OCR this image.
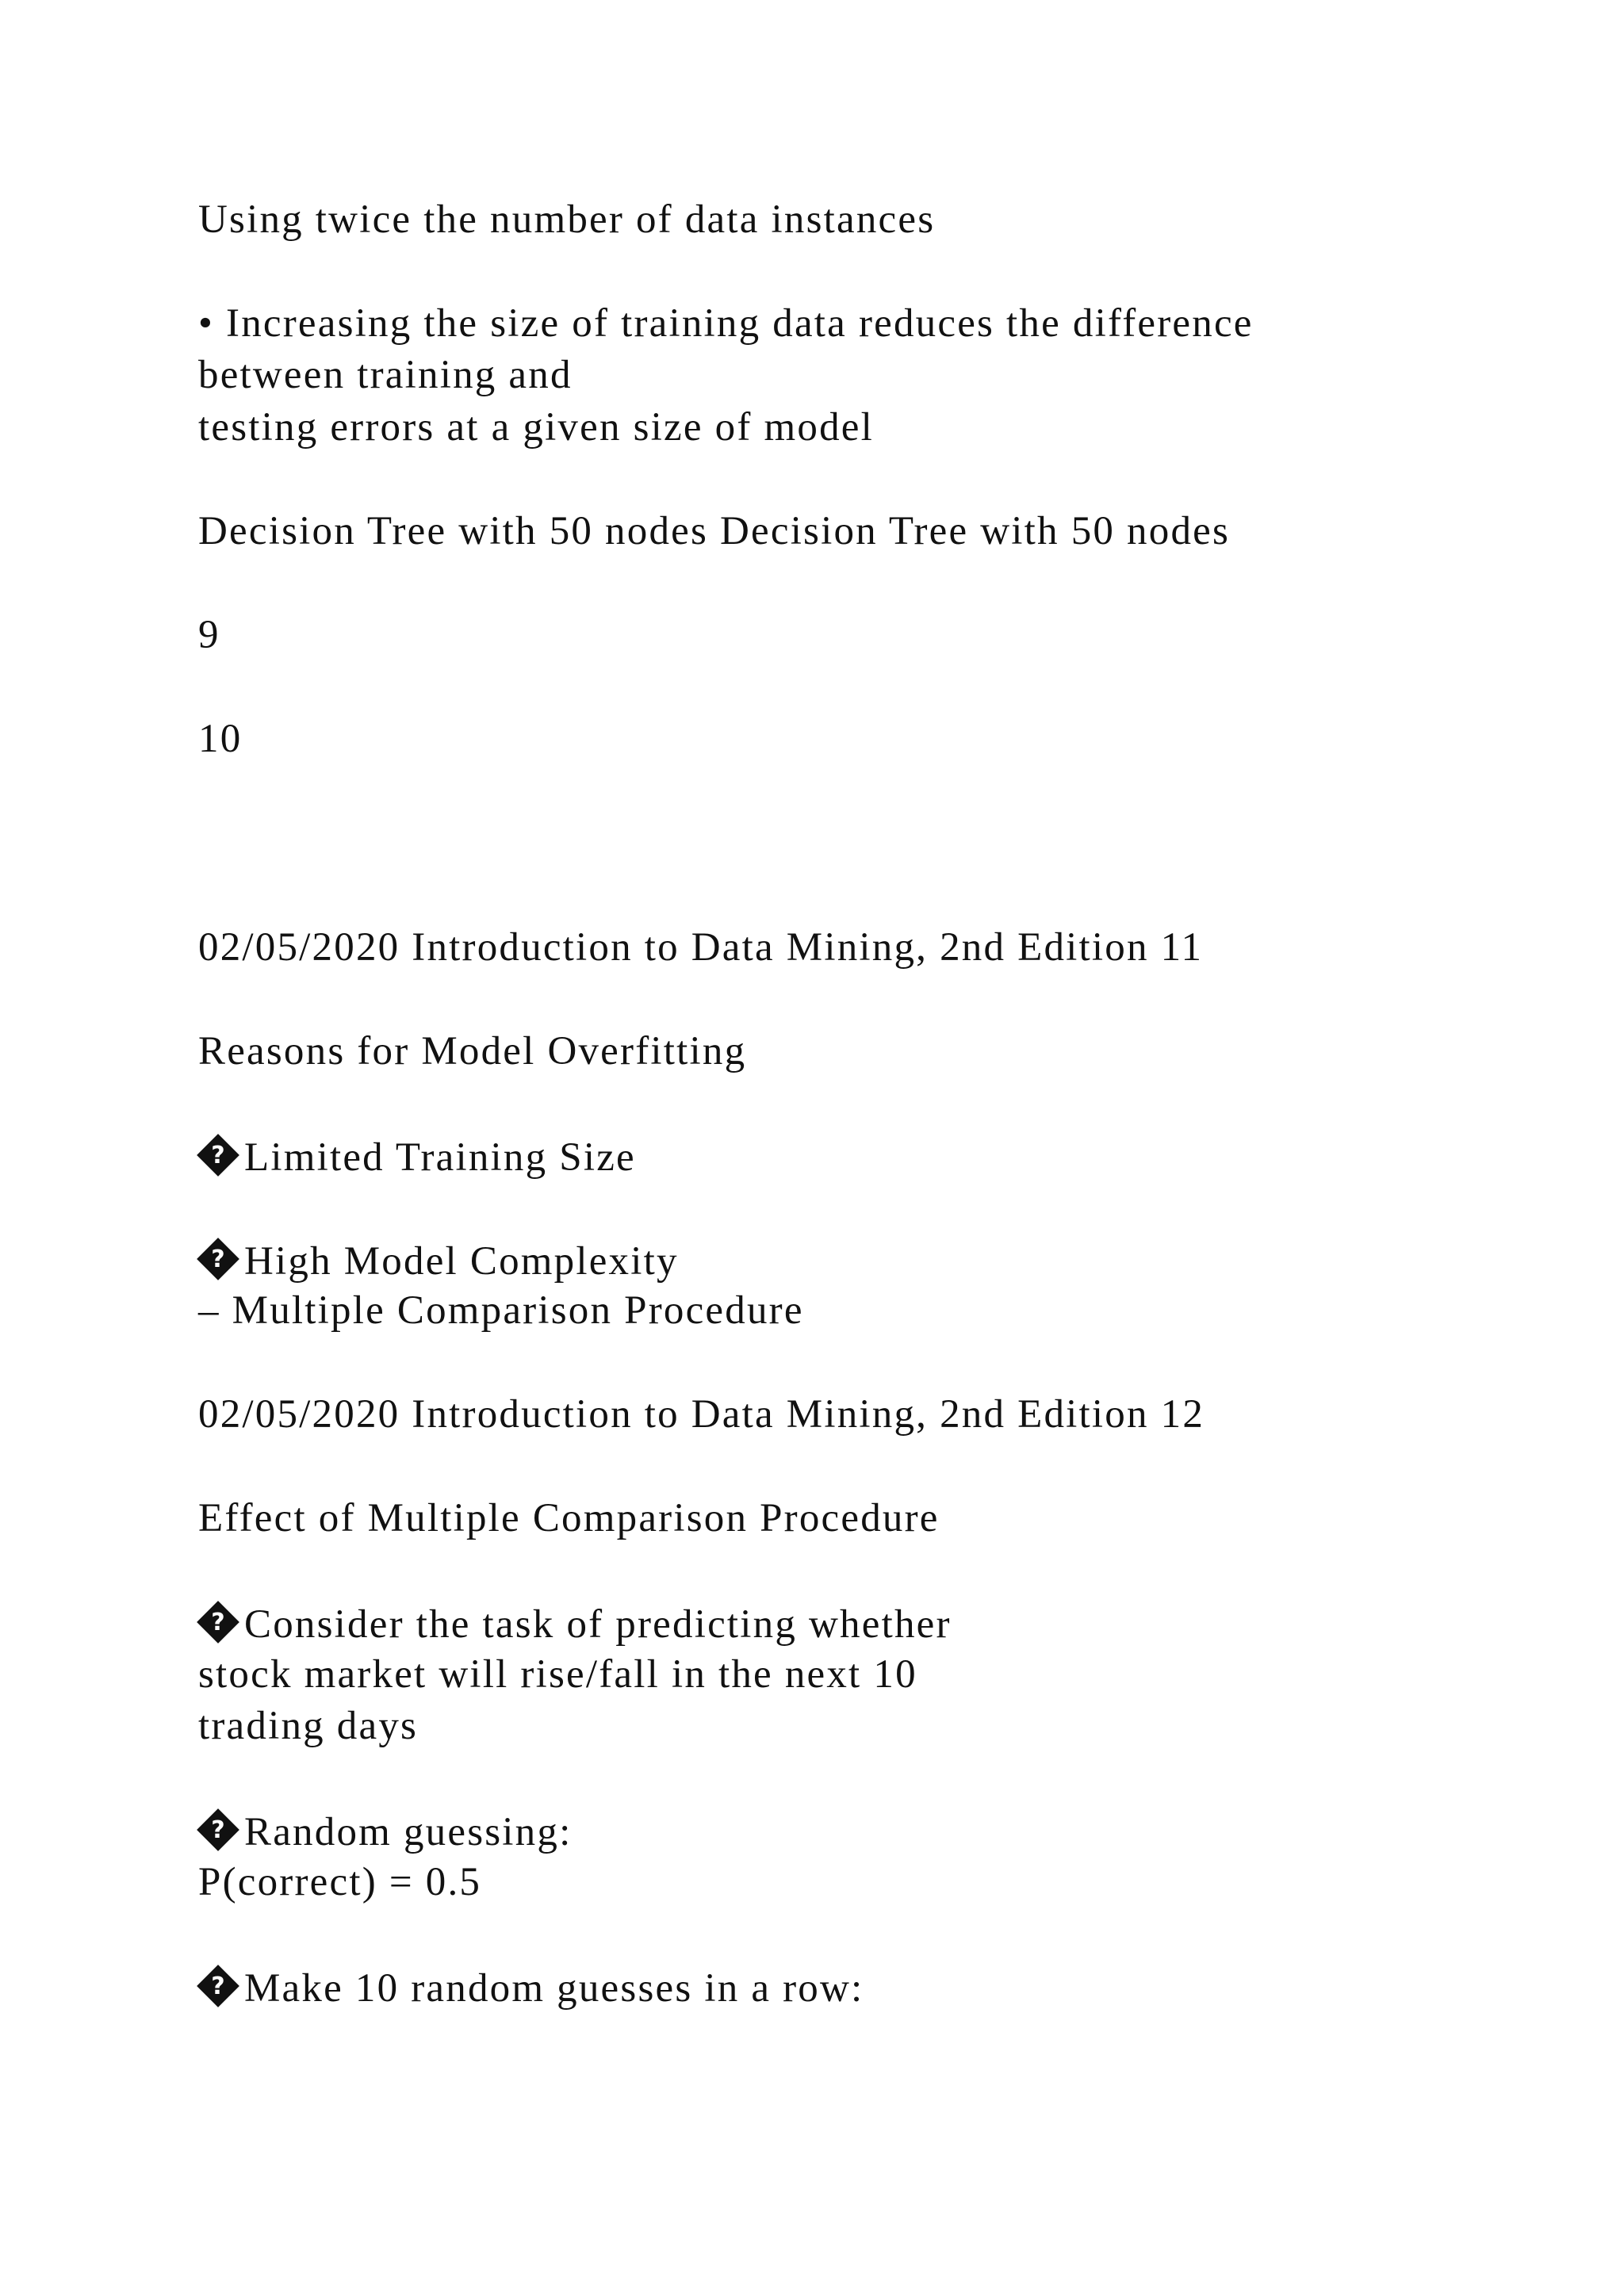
Using twice the number of data instances

• Increasing the size of training data reduces the difference

between training and

testing errors at a given size of model

Decision Tree with 50 nodes Decision Tree with 50 nodes

9

10

02/05/2020 Introduction to Data Mining, 2nd Edition 11

Reasons for Model Overfitting

?Limited Training Size

?High Model Complexity

– Multiple Comparison Procedure

02/05/2020 Introduction to Data Mining, 2nd Edition 12

Effect of Multiple Comparison Procedure

?Consider the task of predicting whether

stock market will rise/fall in the next 10

trading days

?Random guessing:

P(correct) = 0.5

?Make 10 random guesses in a row:
